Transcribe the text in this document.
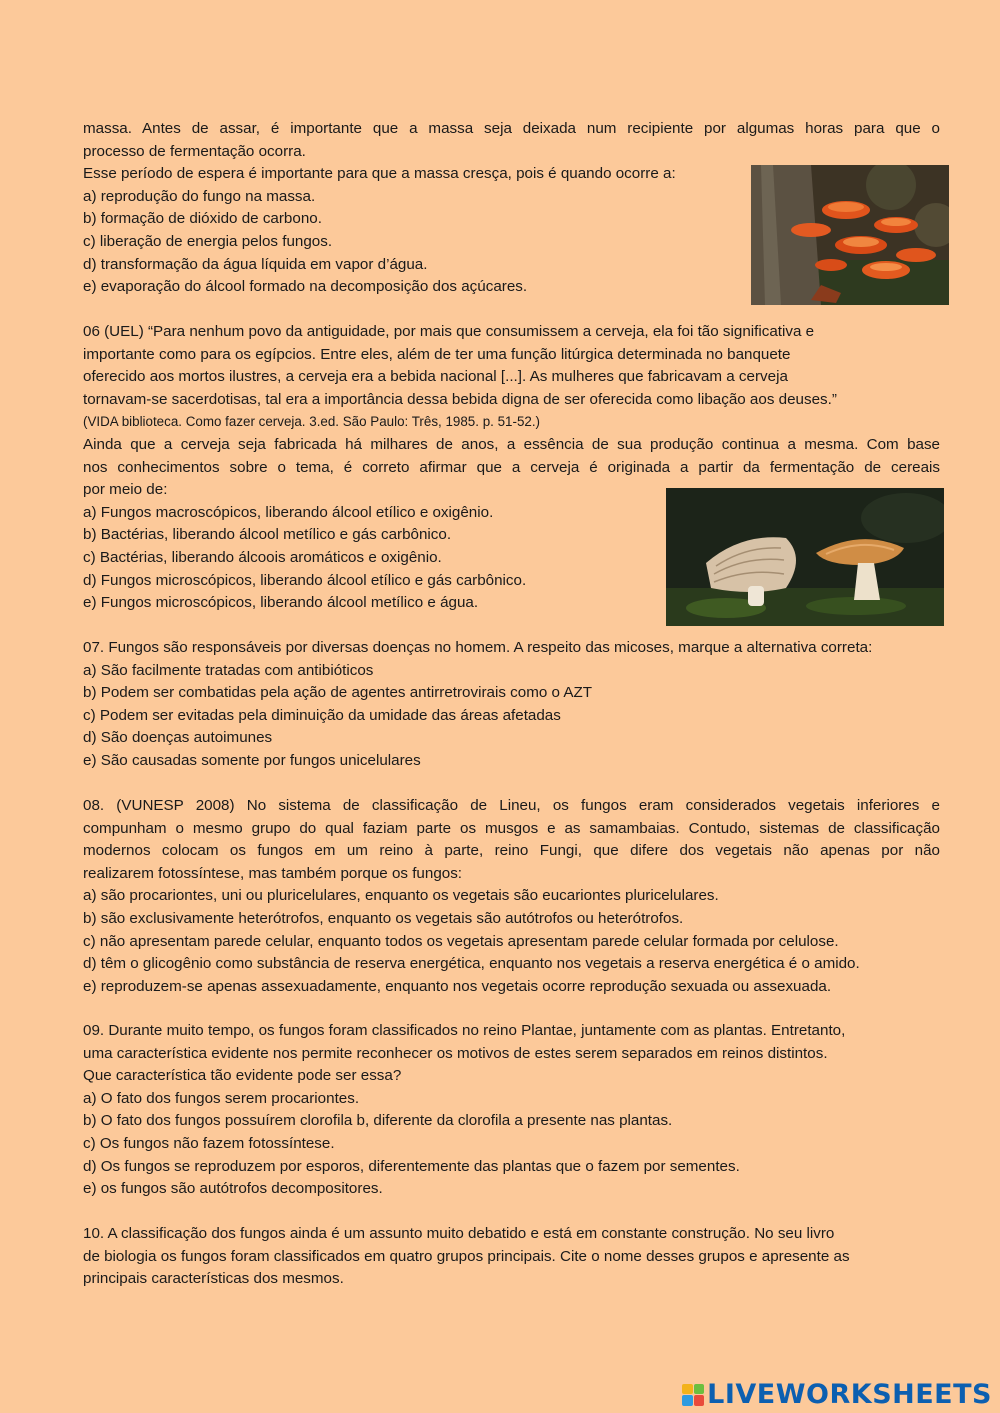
massa. Antes de assar, é importante que a massa seja deixada num recipiente por algumas horas para que o
processo de fermentação ocorra.
Esse período de espera é importante para que a massa cresça, pois é quando ocorre a:
a) reprodução do fungo na massa.
b) formação de dióxido de carbono.
c) liberação de energia pelos fungos.
d) transformação da água líquida em vapor d’água.
e) evaporação do álcool formado na decomposição dos açúcares.
06 (UEL) “Para nenhum povo da antiguidade, por mais que consumissem a cerveja, ela foi tão significativa e
importante como para os egípcios. Entre eles, além de ter uma função litúrgica determinada no banquete
oferecido aos mortos ilustres, a cerveja era a bebida nacional [...]. As mulheres que fabricavam a cerveja
tornavam-se sacerdotisas, tal era a importância dessa bebida digna de ser oferecida como libação aos deuses.”
(VIDA biblioteca. Como fazer cerveja. 3.ed. São Paulo: Três, 1985. p. 51-52.)
Ainda que a cerveja seja fabricada há milhares de anos, a essência de sua produção continua a mesma. Com base
nos conhecimentos sobre o tema, é correto afirmar que a cerveja é originada a partir da fermentação de cereais
por meio de:
a) Fungos macroscópicos, liberando álcool etílico e oxigênio.
b) Bactérias, liberando álcool metílico e gás carbônico.
c) Bactérias, liberando álcoois aromáticos e oxigênio.
d) Fungos microscópicos, liberando álcool etílico e gás carbônico.
e) Fungos microscópicos, liberando álcool metílico e água.
07. Fungos são responsáveis por diversas doenças no homem. A respeito das micoses, marque a alternativa correta:
a) São facilmente tratadas com antibióticos
b) Podem ser combatidas pela ação de agentes antirretrovirais como o AZT
c) Podem ser evitadas pela diminuição da umidade das áreas afetadas
d) São doenças autoimunes
e) São causadas somente por fungos unicelulares
08. (VUNESP 2008) No sistema de classificação de Lineu, os fungos eram considerados vegetais inferiores e
compunham o mesmo grupo do qual faziam parte os musgos e as samambaias. Contudo, sistemas de classificação
modernos colocam os fungos em um reino à parte, reino Fungi, que difere dos vegetais não apenas por não
realizarem fotossíntese, mas também porque os fungos:
a) são procariontes, uni ou pluricelulares, enquanto os vegetais são eucariontes pluricelulares.
b) são exclusivamente heterótrofos, enquanto os vegetais são autótrofos ou heterótrofos.
c) não apresentam parede celular, enquanto todos os vegetais apresentam parede celular formada por celulose.
d) têm o glicogênio como substância de reserva energética, enquanto nos vegetais a reserva energética é o amido.
e) reproduzem-se apenas assexuadamente, enquanto nos vegetais ocorre reprodução sexuada ou assexuada.
09. Durante muito tempo, os fungos foram classificados no reino Plantae, juntamente com as plantas. Entretanto,
uma característica evidente nos permite reconhecer os motivos de estes serem separados em reinos distintos.
Que característica tão evidente pode ser essa?
a) O fato dos fungos serem procariontes.
b) O fato dos fungos possuírem clorofila b, diferente da clorofila a presente nas plantas.
c) Os fungos não fazem fotossíntese.
d) Os fungos se reproduzem por esporos, diferentemente das plantas que o fazem por sementes.
e) os fungos são autótrofos decompositores.
10. A classificação dos fungos ainda é um assunto muito debatido e está em constante construção. No seu livro
de biologia os fungos foram classificados em quatro grupos principais. Cite o nome desses grupos e apresente as
principais características dos mesmos.
LIVEWORKSHEETS
